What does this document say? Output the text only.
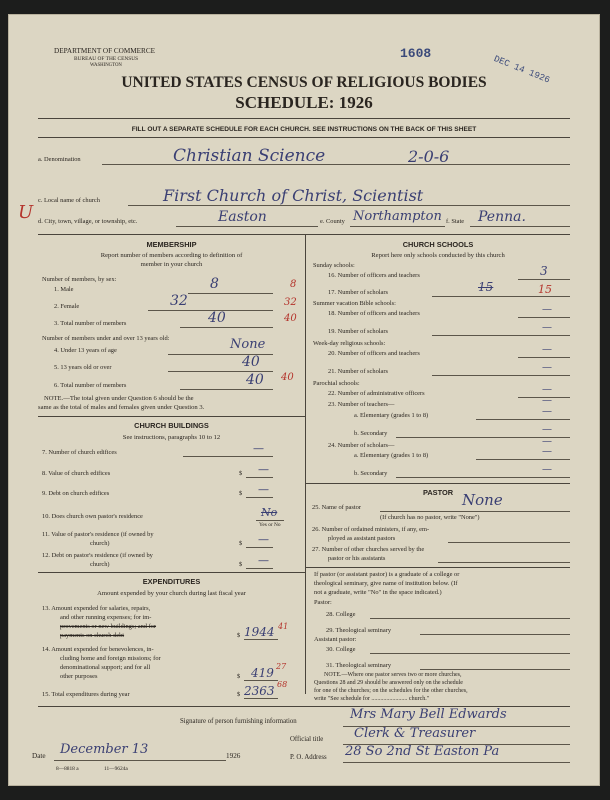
DEPARTMENT OF COMMERCE
BUREAU OF THE CENSUS
WASHINGTON
1608
DEC 14 1926
UNITED STATES CENSUS OF RELIGIOUS BODIES
SCHEDULE: 1926
FILL OUT A SEPARATE SCHEDULE FOR EACH CHURCH. SEE INSTRUCTIONS ON THE BACK OF THIS SHEET
a. Denomination	Christian Science	2-0-6
c. Local name of church	First Church of Christ, Scientist
U d. City, town, village, or township, etc.	Easton	e. County Northampton f. State Penna.
MEMBERSHIP
Report number of members according to definition of
member in your church
Number of members, by sex:
1. Male	8	8
2. Female	32	32
3. Total number of members	40	40
Number of members under and over 13 years old:
4. Under 13 years of age	None
5. 13 years old or over	40
6. Total number of members	40 40
NOTE.—The total given under Question 6 should be the
same as the total of males and females given under Question 3.
CHURCH BUILDINGS
See instructions, paragraphs 10 to 12
7. Number of church edifices	—
8. Value of church edifices	$ —
9. Debt on church edifices	$ —
10. Does church own pastor's residence	No
Yes or No
11. Value of pastor's residence (if owned by
church)	$ —
12. Debt on pastor's residence (if owned by
church)	$ —
EXPENDITURES
Amount expended by your church during last fiscal year
13. Amount expended for salaries, repairs,
and other running expenses; for im-
provements or new buildings; and for
payments on church debt	$ 1944 41
14. Amount expended for benevolences, in-
cluding home and foreign missions; for
denominational support; and for all
other purposes	$ 419 27
15. Total expenditures during year	$ 2363 68
CHURCH SCHOOLS
Report here only schools conducted by this church
Sunday schools:
16. Number of officers and teachers	3
17. Number of scholars	15	15
Summer vacation Bible schools:
18. Number of officers and teachers	—
19. Number of scholars	—
Week-day religious schools:
20. Number of officers and teachers	—
21. Number of scholars	—
Parochial schools:
22. Number of administrative officers	—
23. Number of teachers—	—
a. Elementary (grades 1 to 8)	—
b. Secondary	—
24. Number of scholars—	—
a. Elementary (grades 1 to 8)	—
b. Secondary	—
PASTOR
25. Name of pastor	None
(If church has no pastor, write "None")
26. Number of ordained ministers, if any, em-
ployed as assistant pastors
27. Number of other churches served by the
pastor or his assistants
If pastor (or assistant pastor) is a graduate of a college or
theological seminary, give name of institution below. (If
not a graduate, write "No" in the space indicated.)
Pastor:
28. College
29. Theological seminary
Assistant pastor:
30. College
31. Theological seminary
NOTE.—Where one pastor serves two or more churches,
Questions 28 and 29 should be answered only on the schedule
for one of the churches; on the schedules for the other churches,
write "See schedule for ........................ church."
Signature of person furnishing information	Mrs Mary Bell Edwards
Official title Clerk & Treasurer
Date December 13	1926	P. O. Address 28 So 2nd St Easton Pa
8—8818 a	11—9624a
